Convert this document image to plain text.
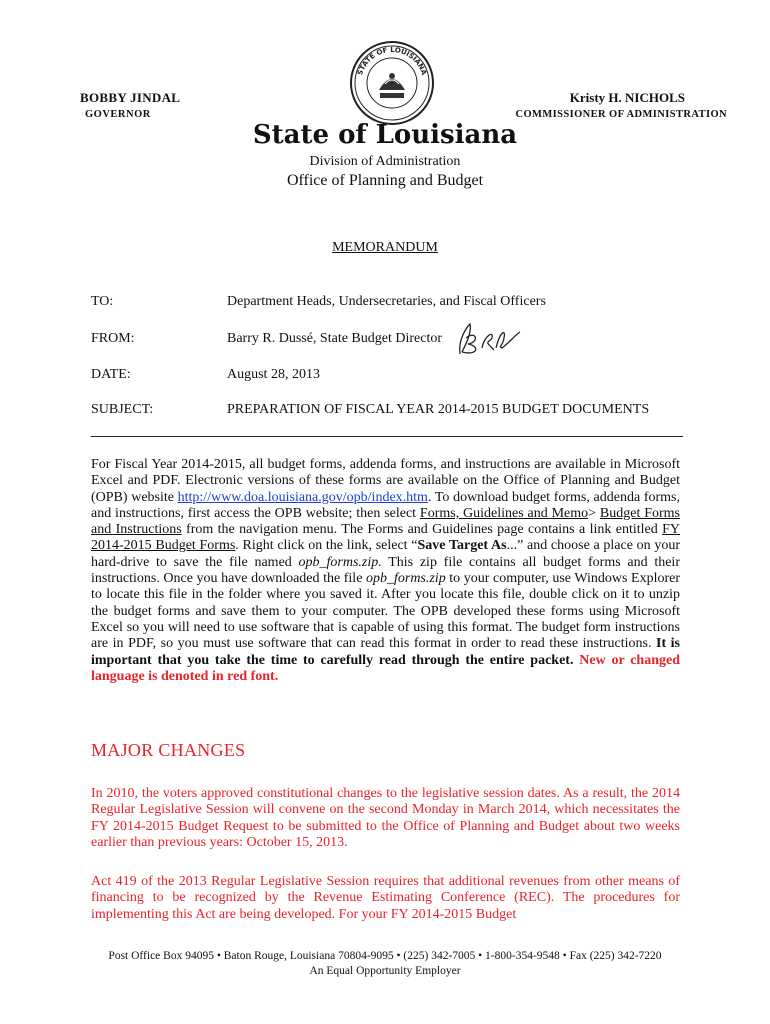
STATE OF LOUISIANA
BOBBY JINDAL
GOVERNOR
Kristy H. NICHOLS
COMMISSIONER OF ADMINISTRATION
State of Louisiana
Division of Administration
Office of Planning and Budget
MEMORANDUM
TO:	Department Heads, Undersecretaries, and Fiscal Officers
FROM:	Barry R. Dussé, State Budget Director
DATE:	August 28, 2013
SUBJECT:	PREPARATION OF FISCAL YEAR 2014-2015 BUDGET DOCUMENTS

For Fiscal Year 2014-2015, all budget forms, addenda forms, and instructions are available in Microsoft Excel and PDF. Electronic versions of these forms are available on the Office of Planning and Budget (OPB) website http://www.doa.louisiana.gov/opb/index.htm. To download budget forms, addenda forms, and instructions, first access the OPB website; then select Forms, Guidelines and Memo> Budget Forms and Instructions from the navigation menu. The Forms and Guidelines page contains a link entitled FY 2014-2015 Budget Forms. Right click on the link, select “Save Target As...” and choose a place on your hard-drive to save the file named opb_forms.zip. This zip file contains all budget forms and their instructions. Once you have downloaded the file opb_forms.zip to your computer, use Windows Explorer to locate this file in the folder where you saved it. After you locate this file, double click on it to unzip the budget forms and save them to your computer. The OPB developed these forms using Microsoft Excel so you will need to use software that is capable of using this format. The budget form instructions are in PDF, so you must use software that can read this format in order to read these instructions. It is important that you take the time to carefully read through the entire packet. New or changed language is denoted in red font.

MAJOR CHANGES

In 2010, the voters approved constitutional changes to the legislative session dates. As a result, the 2014 Regular Legislative Session will convene on the second Monday in March 2014, which necessitates the FY 2014-2015 Budget Request to be submitted to the Office of Planning and Budget about two weeks earlier than previous years: October 15, 2013.

Act 419 of the 2013 Regular Legislative Session requires that additional revenues from other means of financing to be recognized by the Revenue Estimating Conference (REC). The procedures for implementing this Act are being developed. For your FY 2014-2015 Budget

Post Office Box 94095 • Baton Rouge, Louisiana 70804-9095 • (225) 342-7005 • 1-800-354-9548 • Fax (225) 342-7220
An Equal Opportunity Employer
